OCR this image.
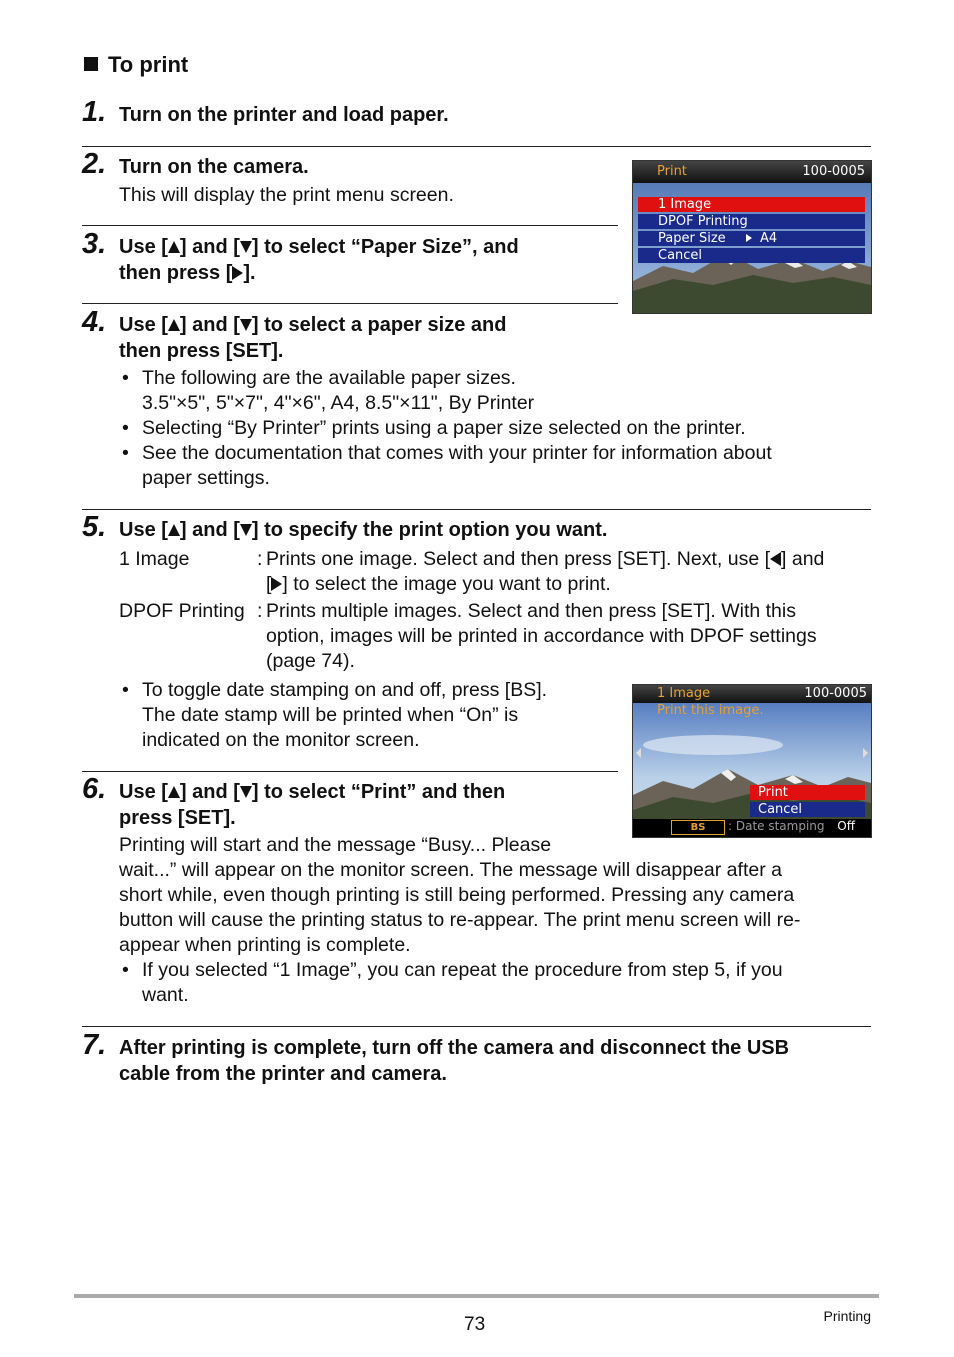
To print
1. Turn on the printer and load paper.
2. Turn on the camera.
This will display the print menu screen.
3. Use [ ] and [ ] to select “Paper Size”, and
then press [ ].
Print	100-0005
1 Image
DPOF Printing
Paper Size	A4
Cancel
4. Use [ ] and [ ] to select a paper size and
then press [SET].
• The following are the available paper sizes.
3.5"×5", 5"×7", 4"×6", A4, 8.5"×11", By Printer
• Selecting “By Printer” prints using a paper size selected on the printer.
• See the documentation that comes with your printer for information about
paper settings.
5. Use [ ] and [ ] to specify the print option you want.
1 Image	: Prints one image. Select and then press [SET]. Next, use [ ] and
[ ] to select the image you want to print.
DPOF Printing : Prints multiple images. Select and then press [SET]. With this
option, images will be printed in accordance with DPOF settings
(page 74).
• To toggle date stamping on and off, press [BS].
The date stamp will be printed when “On” is
indicated on the monitor screen.
1 Image	100-0005
Print this image.
Print
Cancel
BS	: Date stamping Off
6. Use [ ] and [ ] to select “Print” and then
press [SET].
Printing will start and the message “Busy... Please
wait...” will appear on the monitor screen. The message will disappear after a
short while, even though printing is still being performed. Pressing any camera
button will cause the printing status to re-appear. The print menu screen will re-
appear when printing is complete.
• If you selected “1 Image”, you can repeat the procedure from step 5, if you
want.
7. After printing is complete, turn off the camera and disconnect the USB
cable from the printer and camera.
73	Printing
